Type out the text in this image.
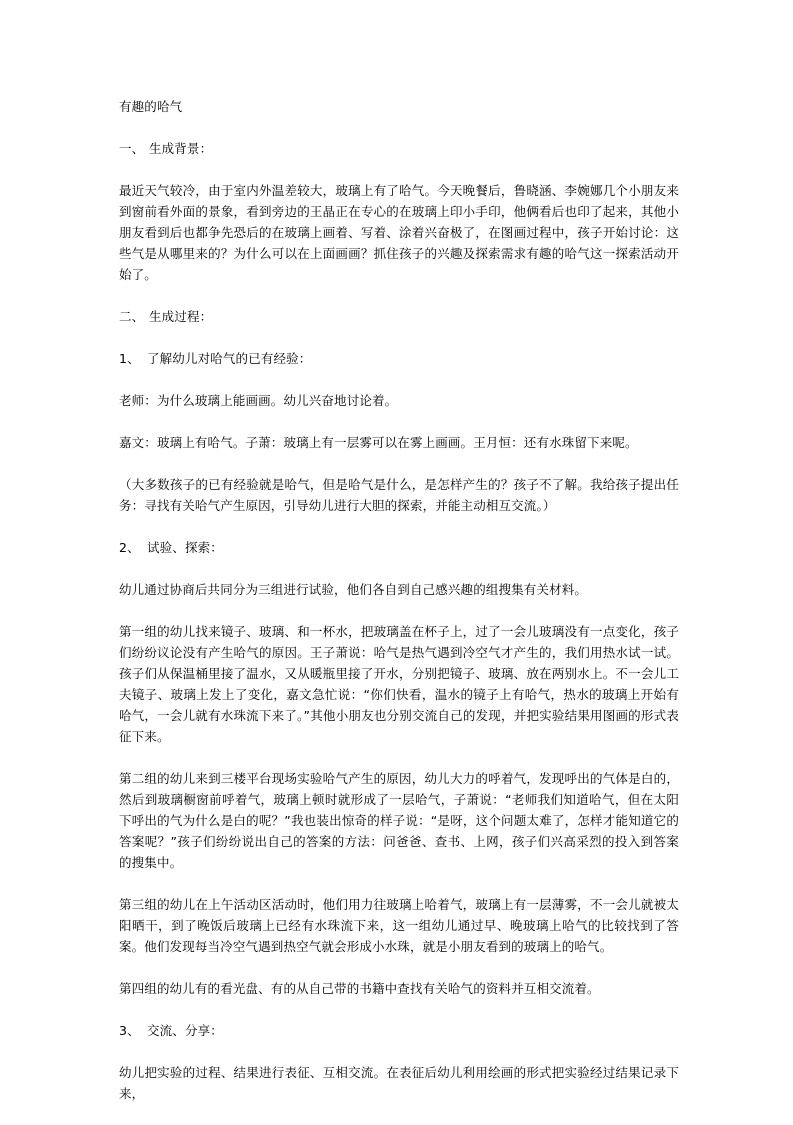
有趣的哈气

一、 生成背景：

最近天气较冷，由于室内外温差较大，玻璃上有了哈气。今天晚餐后，鲁晓涵、李婉娜几个小朋友来到窗前看外面的景象，看到旁边的王晶正在专心的在玻璃上印小手印，他俩看后也印了起来，其他小朋友看到后也都争先恐后的在玻璃上画着、写着、涂着兴奋极了，在图画过程中，孩子开始讨论：这些气是从哪里来的？为什么可以在上面画画？抓住孩子的兴趣及探索需求有趣的哈气这一探索活动开始了。

二、 生成过程：

1、 了解幼儿对哈气的已有经验：

老师：为什么玻璃上能画画。幼儿兴奋地讨论着。

嘉文：玻璃上有哈气。子萧：玻璃上有一层雾可以在雾上画画。王月恒：还有水珠留下来呢。

（大多数孩子的已有经验就是哈气，但是哈气是什么，是怎样产生的？孩子不了解。我给孩子提出任务：寻找有关哈气产生原因，引导幼儿进行大胆的探索，并能主动相互交流。）

2、 试验、探索：

幼儿通过协商后共同分为三组进行试验，他们各自到自己感兴趣的组搜集有关材料。

第一组的幼儿找来镜子、玻璃、和一杯水，把玻璃盖在杯子上，过了一会儿玻璃没有一点变化，孩子们纷纷议论没有产生哈气的原因。王子萧说：哈气是热气遇到冷空气才产生的，我们用热水试一试。孩子们从保温桶里接了温水，又从暖瓶里接了开水，分别把镜子、玻璃、放在两别水上。不一会儿工夫镜子、玻璃上发上了变化，嘉文急忙说：“你们快看，温水的镜子上有哈气，热水的玻璃上开始有哈气，一会儿就有水珠流下来了。”其他小朋友也分别交流自己的发现，并把实验结果用图画的形式表征下来。

第二组的幼儿来到三楼平台现场实验哈气产生的原因，幼儿大力的呼着气，发现呼出的气体是白的，然后到玻璃橱窗前呼着气，玻璃上顿时就形成了一层哈气，子萧说：“老师我们知道哈气，但在太阳下呼出的气为什么是白的呢？”我也装出惊奇的样子说：“是呀，这个问题太难了，怎样才能知道它的答案呢？”孩子们纷纷说出自己的答案的方法：问爸爸、查书、上网，孩子们兴高采烈的投入到答案的搜集中。

第三组的幼儿在上午活动区活动时，他们用力往玻璃上哈着气，玻璃上有一层薄雾，不一会儿就被太阳晒干，到了晚饭后玻璃上已经有水珠流下来，这一组幼儿通过早、晚玻璃上哈气的比较找到了答案。他们发现每当冷空气遇到热空气就会形成小水珠，就是小朋友看到的玻璃上的哈气。

第四组的幼儿有的看光盘、有的从自己带的书籍中查找有关哈气的资料并互相交流着。

3、 交流、分享：

幼儿把实验的过程、结果进行表征、互相交流。在表征后幼儿利用绘画的形式把实验经过结果记录下来，
